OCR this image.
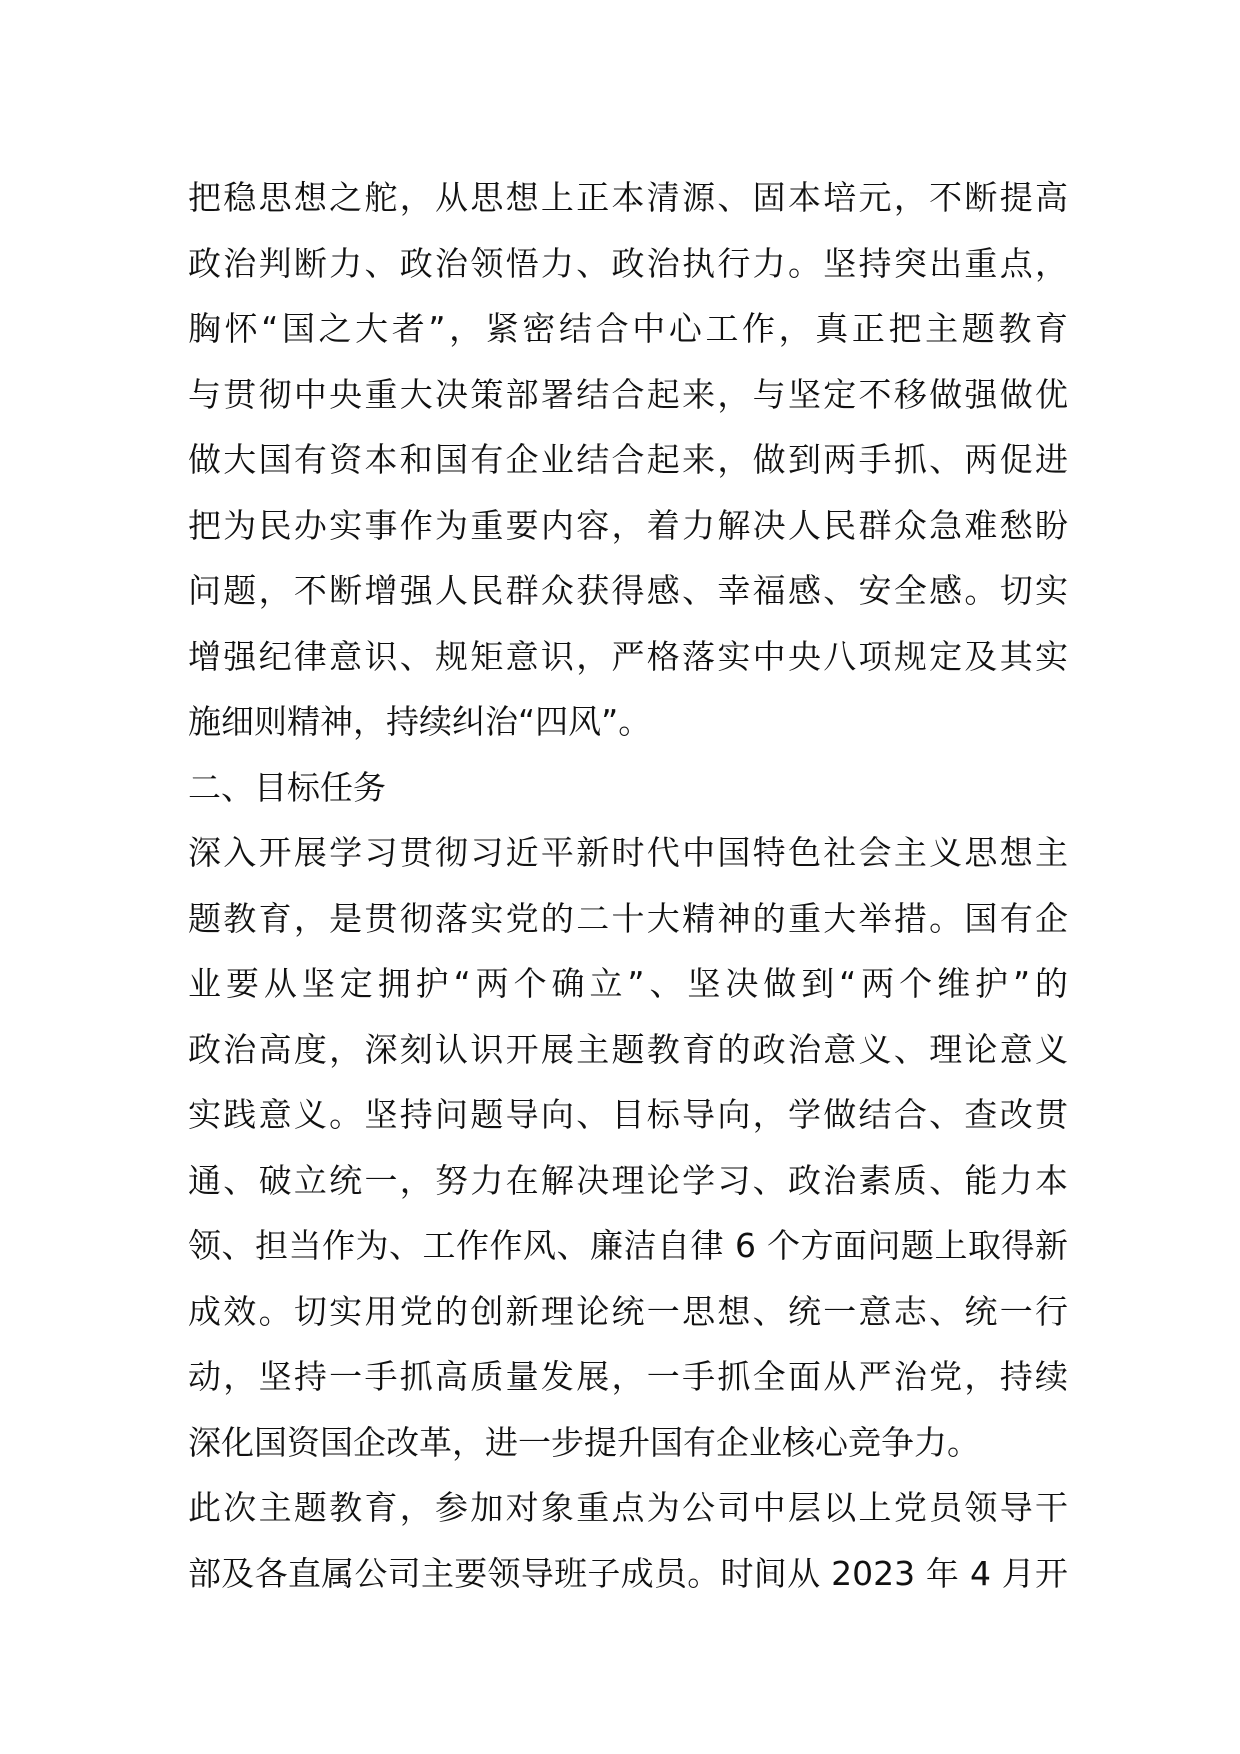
把稳思想之舵，从思想上正本清源、固本培元，不断提高
政治判断力、政治领悟力、政治执行力。坚持突出重点，
胸怀“国之大者”，紧密结合中心工作，真正把主题教育
与贯彻中央重大决策部署结合起来，与坚定不移做强做优
做大国有资本和国有企业结合起来，做到两手抓、两促进
把为民办实事作为重要内容，着力解决人民群众急难愁盼
问题，不断增强人民群众获得感、幸福感、安全感。切实
增强纪律意识、规矩意识，严格落实中央八项规定及其实
施细则精神，持续纠治“四风”。
二、目标任务
深入开展学习贯彻习近平新时代中国特色社会主义思想主
题教育，是贯彻落实党的二十大精神的重大举措。国有企
业要从坚定拥护“两个确立”、坚决做到“两个维护”的
政治高度，深刻认识开展主题教育的政治意义、理论意义
实践意义。坚持问题导向、目标导向，学做结合、查改贯
通、破立统一，努力在解决理论学习、政治素质、能力本
领、担当作为、工作作风、廉洁自律 6 个方面问题上取得新
成效。切实用党的创新理论统一思想、统一意志、统一行
动，坚持一手抓高质量发展，一手抓全面从严治党，持续
深化国资国企改革，进一步提升国有企业核心竞争力。
此次主题教育，参加对象重点为公司中层以上党员领导干
部及各直属公司主要领导班子成员。时间从 2023 年 4 月开
